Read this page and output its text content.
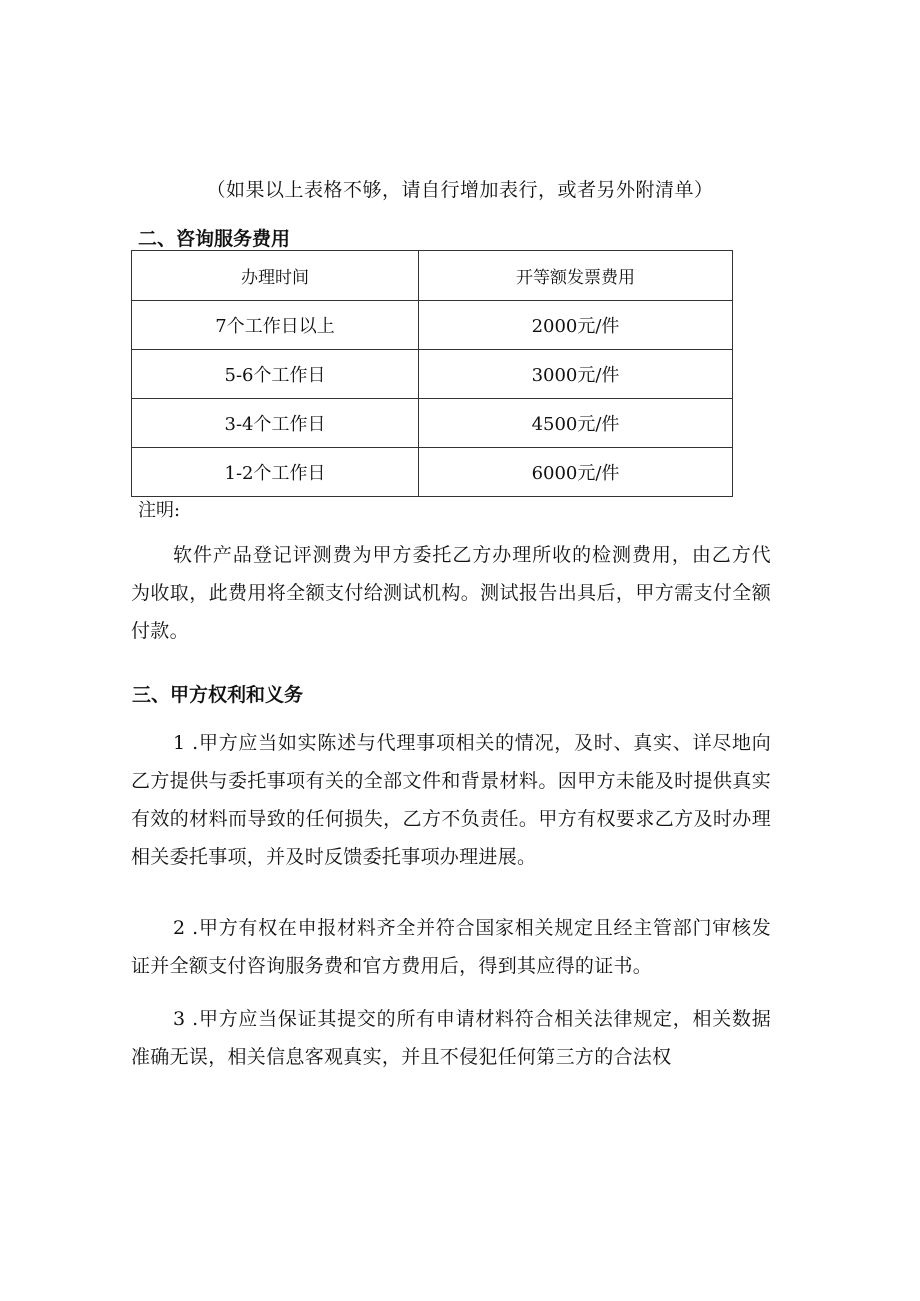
（如果以上表格不够，请自行增加表行，或者另外附清单）
二、咨询服务费用
办理时间	开等额发票费用
7个工作日以上	2000元/件
5-6个工作日	3000元/件
3-4个工作日	4500元/件
1-2个工作日	6000元/件
注明:
软件产品登记评测费为甲方委托乙方办理所收的检测费用，由乙方代为收取，此费用将全额支付给测试机构。测试报告出具后，甲方需支付全额付款。
三、甲方权利和义务
1 .甲方应当如实陈述与代理事项相关的情况，及时、真实、详尽地向乙方提供与委托事项有关的全部文件和背景材料。因甲方未能及时提供真实有效的材料而导致的任何损失，乙方不负责任。甲方有权要求乙方及时办理相关委托事项，并及时反馈委托事项办理进展。
2 .甲方有权在申报材料齐全并符合国家相关规定且经主管部门审核发证并全额支付咨询服务费和官方费用后，得到其应得的证书。
3 .甲方应当保证其提交的所有申请材料符合相关法律规定，相关数据准确无误，相关信息客观真实，并且不侵犯任何第三方的合法权
